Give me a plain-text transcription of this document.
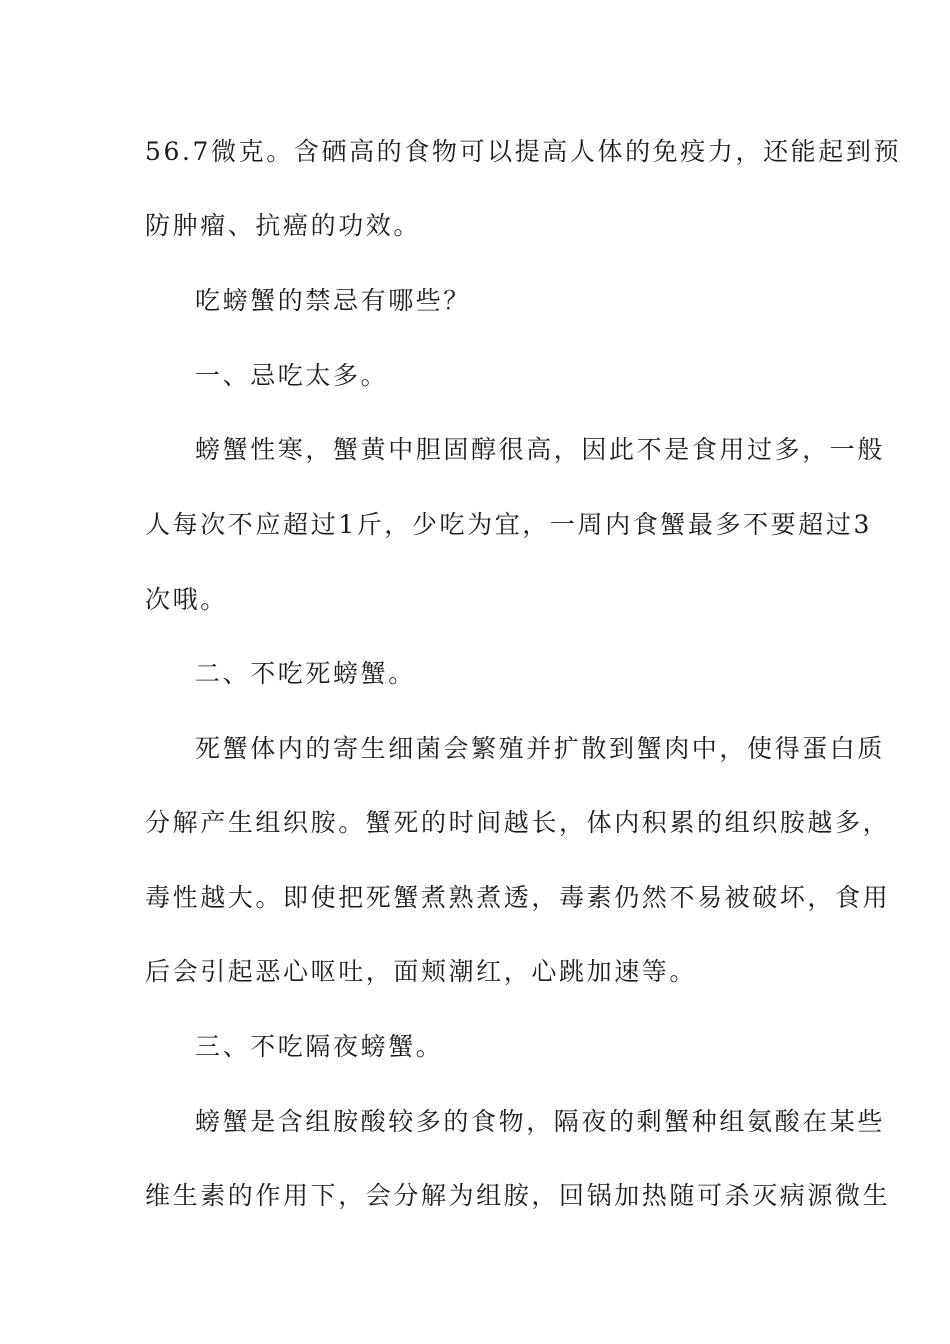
56.7微克。含硒高的食物可以提高人体的免疫力，还能起到预
防肿瘤、抗癌的功效。
吃螃蟹的禁忌有哪些？
一、忌吃太多。
螃蟹性寒，蟹黄中胆固醇很高，因此不是食用过多，一般
人每次不应超过1斤，少吃为宜，一周内食蟹最多不要超过3
次哦。
二、不吃死螃蟹。
死蟹体内的寄生细菌会繁殖并扩散到蟹肉中，使得蛋白质
分解产生组织胺。蟹死的时间越长，体内积累的组织胺越多，
毒性越大。即使把死蟹煮熟煮透，毒素仍然不易被破坏，食用
后会引起恶心呕吐，面颊潮红，心跳加速等。
三、不吃隔夜螃蟹。
螃蟹是含组胺酸较多的食物，隔夜的剩蟹种组氨酸在某些
维生素的作用下，会分解为组胺，回锅加热随可杀灭病源微生
